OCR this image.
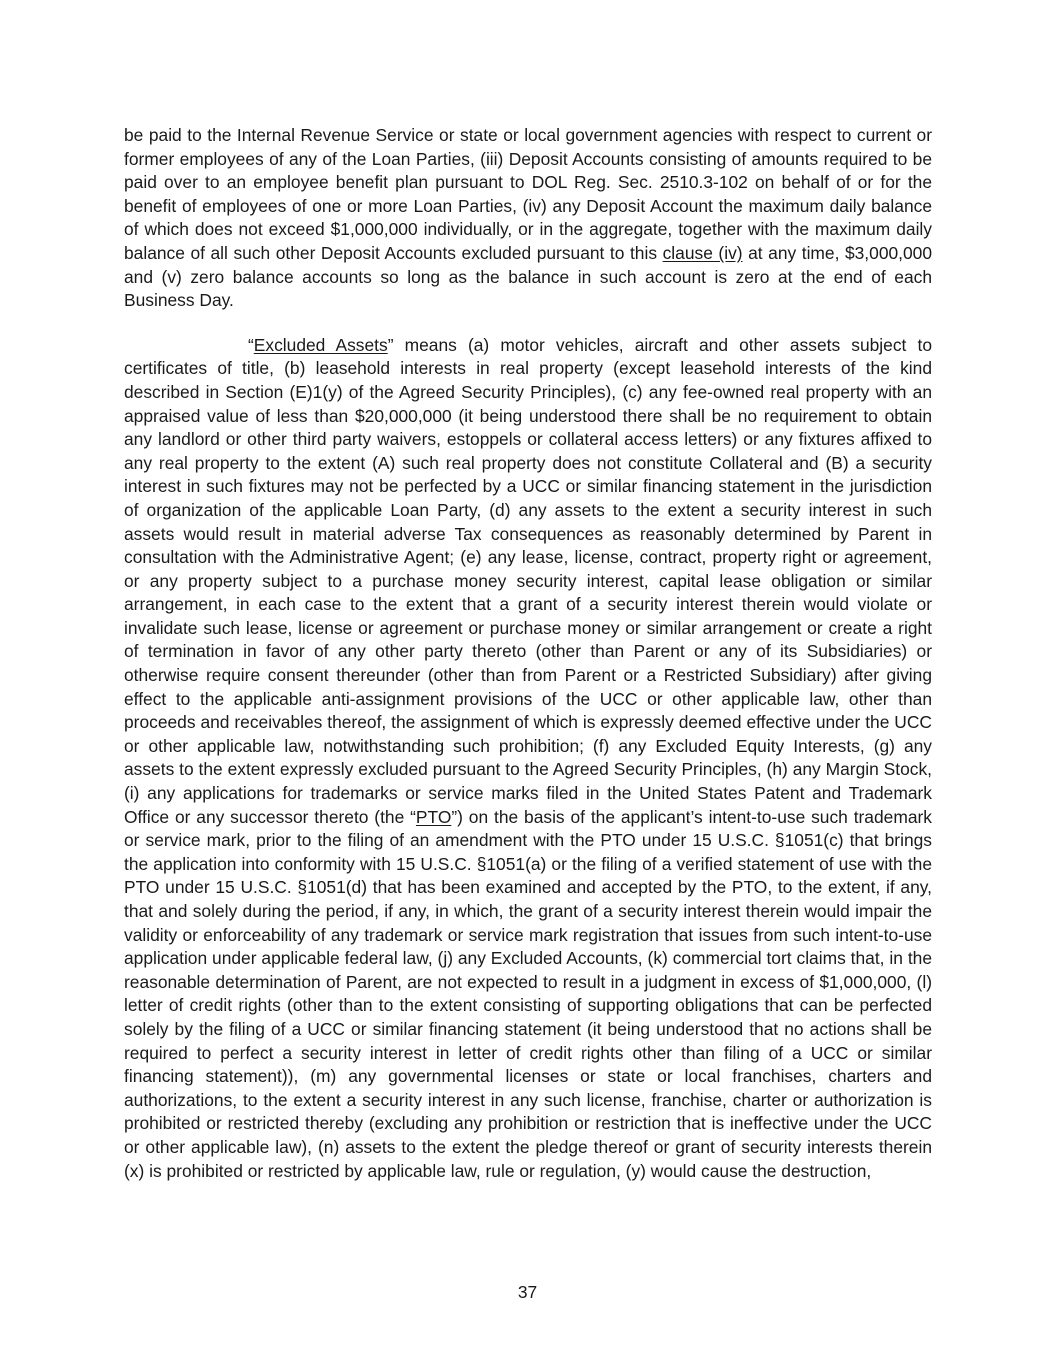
be paid to the Internal Revenue Service or state or local government agencies with respect to current or former employees of any of the Loan Parties, (iii) Deposit Accounts consisting of amounts required to be paid over to an employee benefit plan pursuant to DOL Reg. Sec. 2510.3-102 on behalf of or for the benefit of employees of one or more Loan Parties, (iv) any Deposit Account the maximum daily balance of which does not exceed $1,000,000 individually, or in the aggregate, together with the maximum daily balance of all such other Deposit Accounts excluded pursuant to this clause (iv) at any time, $3,000,000 and (v) zero balance accounts so long as the balance in such account is zero at the end of each Business Day.

“Excluded Assets” means (a) motor vehicles, aircraft and other assets subject to certificates of title, (b) leasehold interests in real property (except leasehold interests of the kind described in Section (E)1(y) of the Agreed Security Principles), (c) any fee-owned real property with an appraised value of less than $20,000,000 (it being understood there shall be no requirement to obtain any landlord or other third party waivers, estoppels or collateral access letters) or any fixtures affixed to any real property to the extent (A) such real property does not constitute Collateral and (B) a security interest in such fixtures may not be perfected by a UCC or similar financing statement in the jurisdiction of organization of the applicable Loan Party, (d) any assets to the extent a security interest in such assets would result in material adverse Tax consequences as reasonably determined by Parent in consultation with the Administrative Agent; (e) any lease, license, contract, property right or agreement, or any property subject to a purchase money security interest, capital lease obligation or similar arrangement, in each case to the extent that a grant of a security interest therein would violate or invalidate such lease, license or agreement or purchase money or similar arrangement or create a right of termination in favor of any other party thereto (other than Parent or any of its Subsidiaries) or otherwise require consent thereunder (other than from Parent or a Restricted Subsidiary) after giving effect to the applicable anti-assignment provisions of the UCC or other applicable law, other than proceeds and receivables thereof, the assignment of which is expressly deemed effective under the UCC or other applicable law, notwithstanding such prohibition; (f) any Excluded Equity Interests, (g) any assets to the extent expressly excluded pursuant to the Agreed Security Principles, (h) any Margin Stock, (i) any applications for trademarks or service marks filed in the United States Patent and Trademark Office or any successor thereto (the “PTO”) on the basis of the applicant’s intent-to-use such trademark or service mark, prior to the filing of an amendment with the PTO under 15 U.S.C. §1051(c) that brings the application into conformity with 15 U.S.C. §1051(a) or the filing of a verified statement of use with the PTO under 15 U.S.C. §1051(d) that has been examined and accepted by the PTO, to the extent, if any, that and solely during the period, if any, in which, the grant of a security interest therein would impair the validity or enforceability of any trademark or service mark registration that issues from such intent-to-use application under applicable federal law, (j) any Excluded Accounts, (k) commercial tort claims that, in the reasonable determination of Parent, are not expected to result in a judgment in excess of $1,000,000, (l) letter of credit rights (other than to the extent consisting of supporting obligations that can be perfected solely by the filing of a UCC or similar financing statement (it being understood that no actions shall be required to perfect a security interest in letter of credit rights other than filing of a UCC or similar financing statement)), (m) any governmental licenses or state or local franchises, charters and authorizations, to the extent a security interest in any such license, franchise, charter or authorization is prohibited or restricted thereby (excluding any prohibition or restriction that is ineffective under the UCC or other applicable law), (n) assets to the extent the pledge thereof or grant of security interests therein (x) is prohibited or restricted by applicable law, rule or regulation, (y) would cause the destruction,

37
